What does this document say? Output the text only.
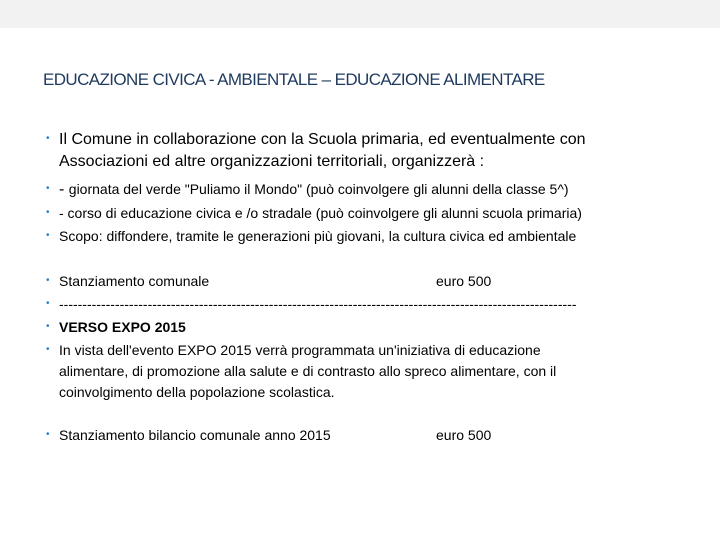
EDUCAZIONE CIVICA - AMBIENTALE – EDUCAZIONE ALIMENTARE
• Il Comune in collaborazione con la Scuola primaria, ed eventualmente con
Associazioni ed altre organizzazioni territoriali, organizzerà :
• - giornata del verde "Puliamo il Mondo" (può coinvolgere gli alunni della classe 5^)
• - corso di educazione civica e /o stradale (può coinvolgere gli alunni scuola primaria)
• Scopo: diffondere, tramite le generazioni più giovani, la cultura civica ed ambientale
• Stanziamento comunale	euro 500
• ---------------------------------------------------------------------------------------------------------------
• VERSO EXPO 2015
• In vista dell'evento EXPO 2015 verrà programmata un'iniziativa di educazione
alimentare, di promozione alla salute e di contrasto allo spreco alimentare, con il
coinvolgimento della popolazione scolastica.
• Stanziamento bilancio comunale anno 2015	euro 500
